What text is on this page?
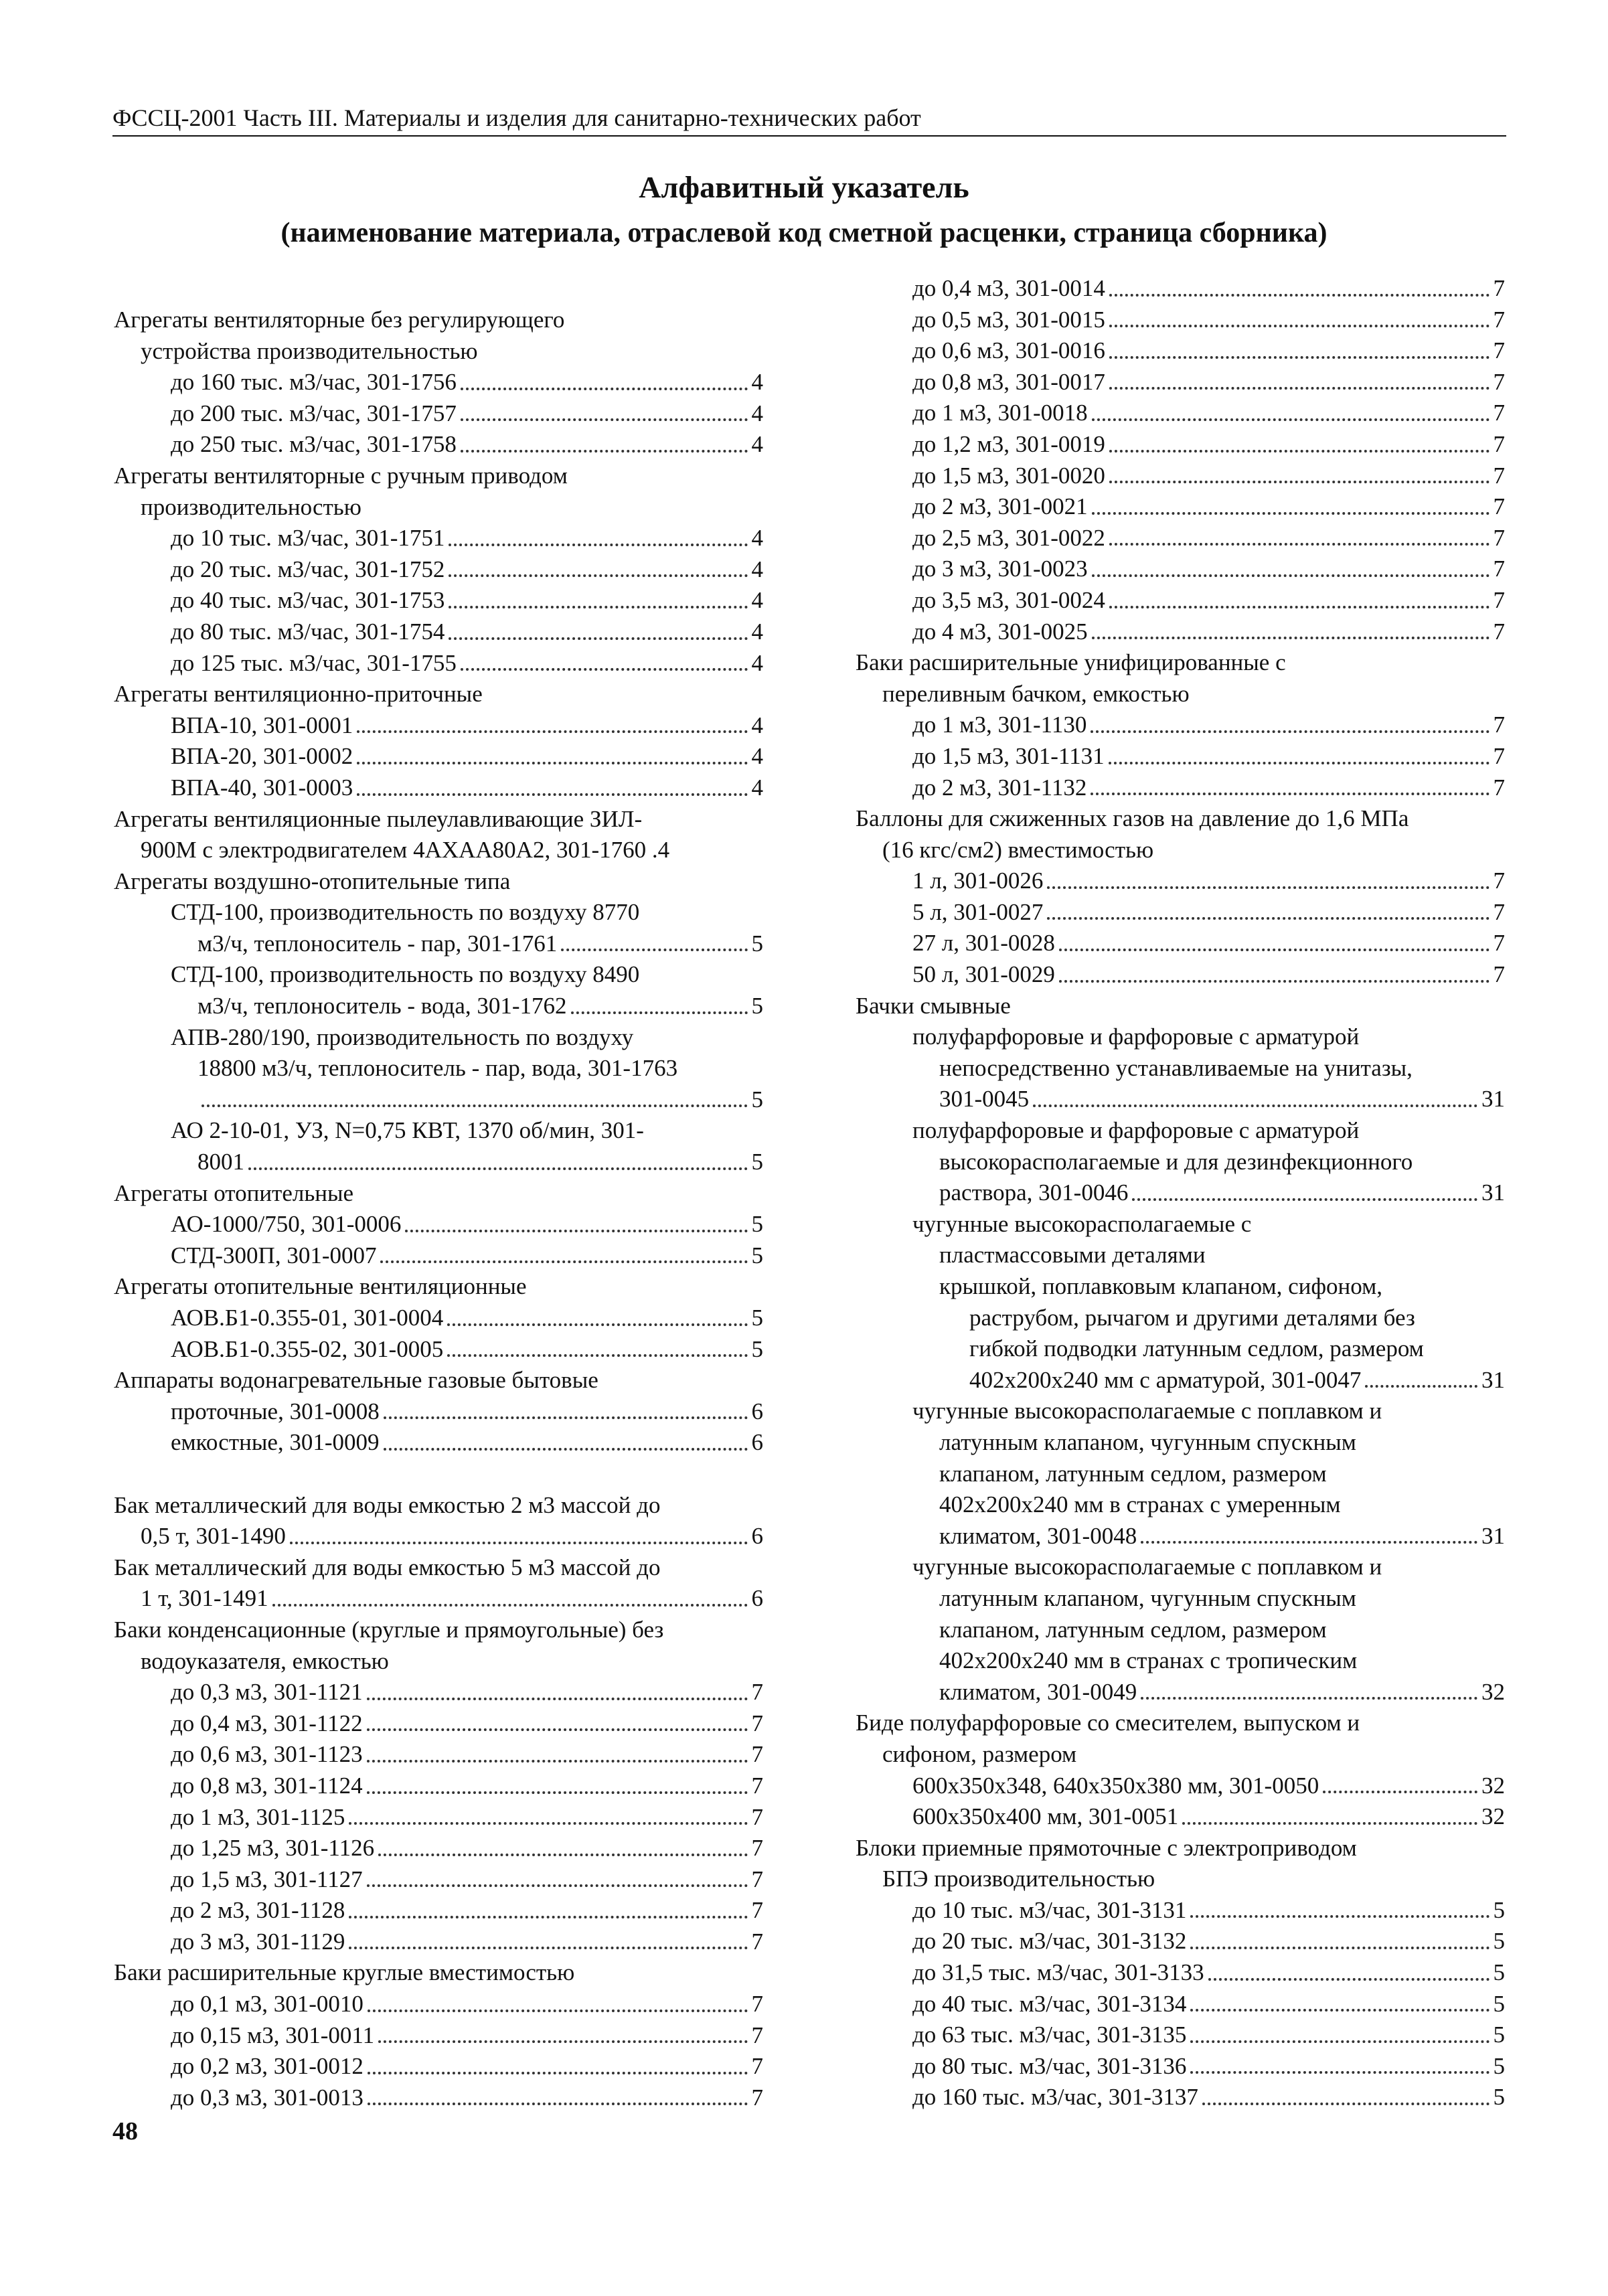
ФССЦ-2001 Часть III. Материалы и изделия для санитарно-технических работ
Алфавитный указатель
(наименование материала, отраслевой код сметной расценки, страница сборника)
Агрегаты вентиляторные без регулирующего
устройства производительностью
до 160 тыс. м3/час, 301-1756	4
до 200 тыс. м3/час, 301-1757	4
до 250 тыс. м3/час, 301-1758	4
Агрегаты вентиляторные с ручным приводом
производительностью
до 10 тыс. м3/час, 301-1751	4
до 20 тыс. м3/час, 301-1752	4
до 40 тыс. м3/час, 301-1753	4
до 80 тыс. м3/час, 301-1754	4
до 125 тыс. м3/час, 301-1755	4
Агрегаты вентиляционно-приточные
ВПА-10, 301-0001	4
ВПА-20, 301-0002	4
ВПА-40, 301-0003	4
Агрегаты вентиляционные пылеулавливающие ЗИЛ-
900М с электродвигателем 4АХАА80А2, 301-1760 .4
Агрегаты воздушно-отопительные типа
СТД-100, производительность по воздуху 8770
м3/ч, теплоноситель - пар, 301-1761	5
СТД-100, производительность по воздуху 8490
м3/ч, теплоноситель - вода, 301-1762	5
АПВ-280/190, производительность по воздуху
18800 м3/ч, теплоноситель - пар, вода, 301-1763
5
АО 2-10-01, УЗ, N=0,75 КВТ, 1370 об/мин, 301-
8001	5
Агрегаты отопительные
АО-1000/750, 301-0006	5
СТД-300П, 301-0007	5
Агрегаты отопительные вентиляционные
АОВ.Б1-0.355-01, 301-0004	5
АОВ.Б1-0.355-02, 301-0005	5
Аппараты водонагревательные газовые бытовые
проточные, 301-0008	6
емкостные, 301-0009	6
Бак металлический для воды емкостью 2 м3 массой до
0,5 т, 301-1490	6
Бак металлический для воды емкостью 5 м3 массой до
1 т, 301-1491	6
Баки конденсационные (круглые и прямоугольные) без
водоуказателя, емкостью
до 0,3 м3, 301-1121	7
до 0,4 м3, 301-1122	7
до 0,6 м3, 301-1123	7
до 0,8 м3, 301-1124	7
до 1 м3, 301-1125	7
до 1,25 м3, 301-1126	7
до 1,5 м3, 301-1127	7
до 2 м3, 301-1128	7
до 3 м3, 301-1129	7
Баки расширительные круглые вместимостью
до 0,1 м3, 301-0010	7
до 0,15 м3, 301-0011	7
до 0,2 м3, 301-0012	7
до 0,3 м3, 301-0013	7
до 0,4 м3, 301-0014	7
до 0,5 м3, 301-0015	7
до 0,6 м3, 301-0016	7
до 0,8 м3, 301-0017	7
до 1 м3, 301-0018	7
до 1,2 м3, 301-0019	7
до 1,5 м3, 301-0020	7
до 2 м3, 301-0021	7
до 2,5 м3, 301-0022	7
до 3 м3, 301-0023	7
до 3,5 м3, 301-0024	7
до 4 м3, 301-0025	7
Баки расширительные унифицированные с
переливным бачком, емкостью
до 1 м3, 301-1130	7
до 1,5 м3, 301-1131	7
до 2 м3, 301-1132	7
Баллоны для сжиженных газов на давление до 1,6 МПа
(16 кгс/см2) вместимостью
1 л, 301-0026	7
5 л, 301-0027	7
27 л, 301-0028	7
50 л, 301-0029	7
Бачки смывные
полуфарфоровые и фарфоровые с арматурой
непосредственно устанавливаемые на унитазы,
301-0045	31
полуфарфоровые и фарфоровые с арматурой
высокорасполагаемые и для дезинфекционного
раствора, 301-0046	31
чугунные высокорасполагаемые с
пластмассовыми деталями
крышкой, поплавковым клапаном, сифоном,
раструбом, рычагом и другими деталями без
гибкой подводки латунным седлом, размером
402x200x240 мм с арматурой, 301-0047	31
чугунные высокорасполагаемые с поплавком и
латунным клапаном, чугунным спускным
клапаном, латунным седлом, размером
402x200x240 мм в странах с умеренным
климатом, 301-0048	31
чугунные высокорасполагаемые с поплавком и
латунным клапаном, чугунным спускным
клапаном, латунным седлом, размером
402x200x240 мм в странах с тропическим
климатом, 301-0049	32
Биде полуфарфоровые со смесителем, выпуском и
сифоном, размером
600x350x348, 640x350x380 мм, 301-0050	32
600x350x400 мм, 301-0051	32
Блоки приемные прямоточные с электроприводом
БПЭ производительностью
до 10 тыс. м3/час, 301-3131	5
до 20 тыс. м3/час, 301-3132	5
до 31,5 тыс. м3/час, 301-3133	5
до 40 тыс. м3/час, 301-3134	5
до 63 тыс. м3/час, 301-3135	5
до 80 тыс. м3/час, 301-3136	5
до 160 тыс. м3/час, 301-3137	5
48
